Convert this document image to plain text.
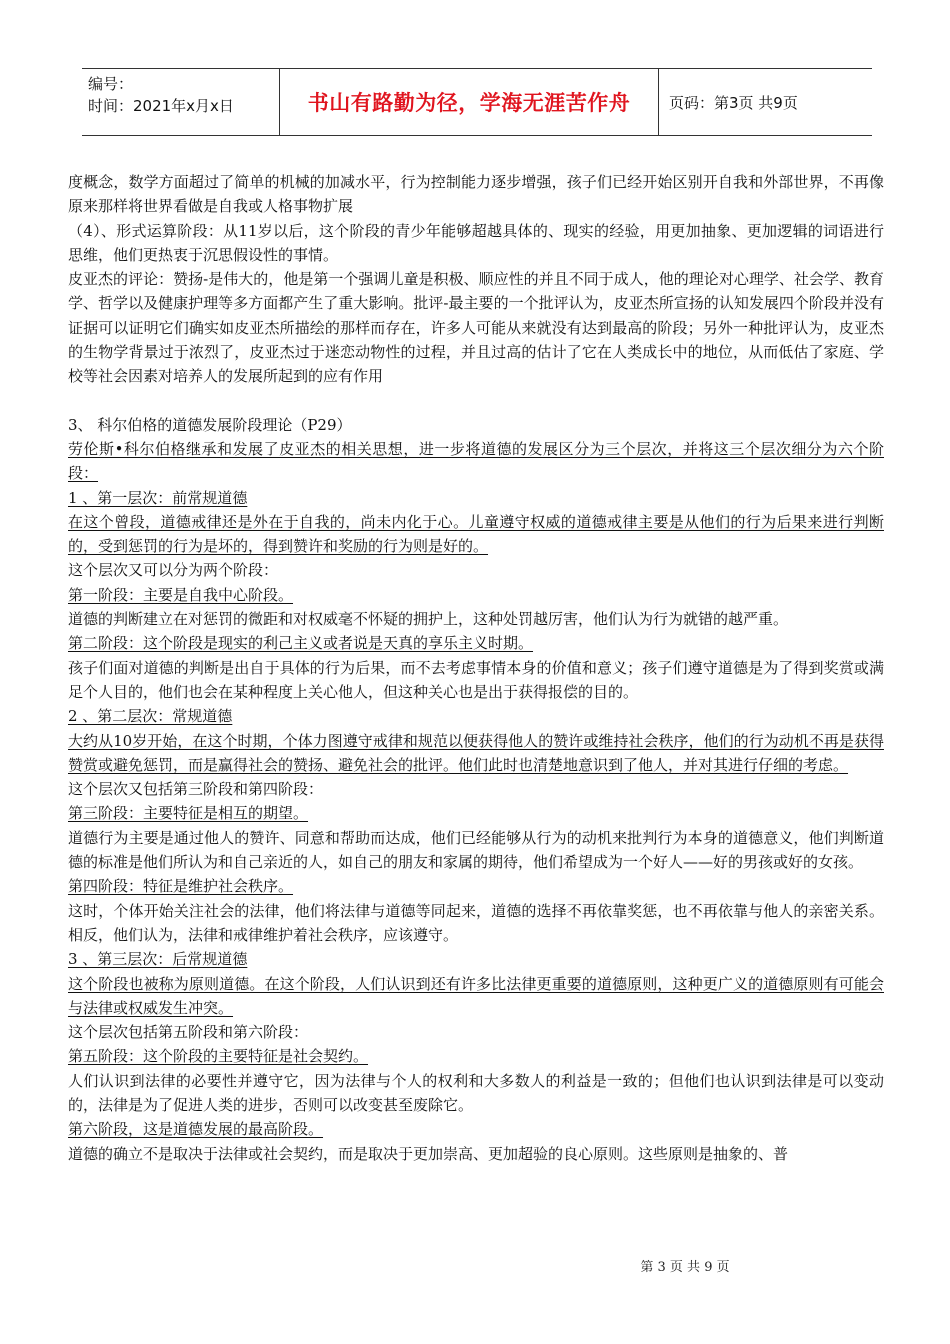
编号：
时间：2021年x月x日	书山有路勤为径，学海无涯苦作舟	页码：第3页 共9页

度概念，数学方面超过了简单的机械的加减水平，行为控制能力逐步增强，孩子们已经开始区别开自我和外部世界，不再像原来那样将世界看做是自我或人格事物扩展

（4）、形式运算阶段：从11岁以后，这个阶段的青少年能够超越具体的、现实的经验，用更加抽象、更加逻辑的词语进行思维，他们更热衷于沉思假设性的事情。

皮亚杰的评论：赞扬-是伟大的，他是第一个强调儿童是积极、顺应性的并且不同于成人，他的理论对心理学、社会学、教育学、哲学以及健康护理等多方面都产生了重大影响。批评-最主要的一个批评认为，皮亚杰所宣扬的认知发展四个阶段并没有证据可以证明它们确实如皮亚杰所描绘的那样而存在，许多人可能从来就没有达到最高的阶段；另外一种批评认为，皮亚杰的生物学背景过于浓烈了，皮亚杰过于迷恋动物性的过程，并且过高的估计了它在人类成长中的地位，从而低估了家庭、学校等社会因素对培养人的发展所起到的应有作用

3、 科尔伯格的道德发展阶段理论（P29）

劳伦斯•科尔伯格继承和发展了皮亚杰的相关思想，进一步将道德的发展区分为三个层次，并将这三个层次细分为六个阶段：

1 、第一层次：前常规道德

在这个曾段，道德戒律还是外在于自我的，尚未内化于心。儿童遵守权威的道德戒律主要是从他们的行为后果来进行判断的，受到惩罚的行为是坏的，得到赞许和奖励的行为则是好的。

这个层次又可以分为两个阶段：

第一阶段：主要是自我中心阶段。

道德的判断建立在对惩罚的微距和对权威毫不怀疑的拥护上，这种处罚越厉害，他们认为行为就错的越严重。

第二阶段：这个阶段是现实的利己主义或者说是天真的享乐主义时期。

孩子们面对道德的判断是出自于具体的行为后果，而不去考虑事情本身的价值和意义；孩子们遵守道德是为了得到奖赏或满足个人目的，他们也会在某种程度上关心他人，但这种关心也是出于获得报偿的目的。

2 、第二层次：常规道德

大约从10岁开始，在这个时期，个体力图遵守戒律和规范以便获得他人的赞许或维持社会秩序，他们的行为动机不再是获得赞赏或避免惩罚，而是赢得社会的赞扬、避免社会的批评。他们此时也清楚地意识到了他人，并对其进行仔细的考虑。

这个层次又包括第三阶段和第四阶段：

第三阶段：主要特征是相互的期望。

道德行为主要是通过他人的赞许、同意和帮助而达成，他们已经能够从行为的动机来批判行为本身的道德意义，他们判断道德的标准是他们所认为和自己亲近的人，如自己的朋友和家属的期待，他们希望成为一个好人——好的男孩或好的女孩。

第四阶段：特征是维护社会秩序。

这时，个体开始关注社会的法律，他们将法律与道德等同起来，道德的选择不再依靠奖惩，也不再依靠与他人的亲密关系。相反，他们认为，法律和戒律维护着社会秩序，应该遵守。

3 、第三层次：后常规道德

这个阶段也被称为原则道德。在这个阶段，人们认识到还有许多比法律更重要的道德原则，这种更广义的道德原则有可能会与法律或权威发生冲突。

这个层次包括第五阶段和第六阶段：

第五阶段：这个阶段的主要特征是社会契约。

人们认识到法律的必要性并遵守它，因为法律与个人的权利和大多数人的利益是一致的；但他们也认识到法律是可以变动的，法律是为了促进人类的进步，否则可以改变甚至废除它。

第六阶段，这是道德发展的最高阶段。

道德的确立不是取决于法律或社会契约，而是取决于更加崇高、更加超验的良心原则。这些原则是抽象的、普

第 3 页 共 9 页
